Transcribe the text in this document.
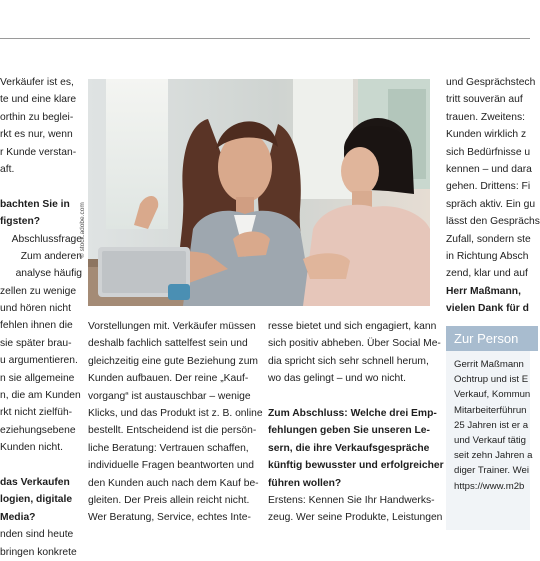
Verkäufer ist es,
te und eine klare
orthin zu beglei-
rkt es nur, wenn
r Kunde verstan-
aft.
bachten Sie in
figsten?
Abschlussfrage
Zum anderen
analyse häufig
zellen zu wenige
und hören nicht
fehlen ihnen die
sie später brau-
u argumentieren.
n sie allgemeine
n, die am Kunden
rkt nicht zielfüh-
eziehungsebene
Kunden nicht.
das Verkaufen
logien, digitale
Media?
nden sind heute
bringen konkrete
© stock.adobe.com
Vorstellungen mit. Verkäufer müssen
deshalb fachlich sattelfest sein und
gleichzeitig eine gute Beziehung zum
Kunden aufbauen. Der reine „Kauf-
vorgang“ ist austauschbar – wenige
Klicks, und das Produkt ist z. B. online
bestellt. Entscheidend ist die persön-
liche Beratung: Vertrauen schaffen,
individuelle Fragen beantworten und
den Kunden auch nach dem Kauf be-
gleiten. Der Preis allein reicht nicht.
Wer Beratung, Service, echtes Inte-
resse bietet und sich engagiert, kann
sich positiv abheben. Über Social Me-
dia spricht sich sehr schnell herum,
wo das gelingt – und wo nicht.
Zum Abschluss: Welche drei Emp-
fehlungen geben Sie unseren Le-
sern, die ihre Verkaufsgespräche
künftig bewusster und erfolgreicher
führen wollen?
Erstens: Kennen Sie Ihr Handwerks-
zeug. Wer seine Produkte, Leistungen
und Gesprächstech
tritt souverän auf
trauen. Zweitens:
Kunden wirklich z
sich Bedürfnisse u
kennen – und dara
gehen. Drittens: Fi
spräch aktiv. Ein gu
lässt den Gesprächs
Zufall, sondern ste
in Richtung Absch
zend, klar und auf
Herr Maßmann,
vielen Dank für d
Zur Person
Gerrit Maßmann
Ochtrup und ist E
Verkauf, Kommun
Mitarbeiterführun
25 Jahren ist er a
und Verkauf tätig
seit zehn Jahren a
diger Trainer. Wei
https://www.m2b
